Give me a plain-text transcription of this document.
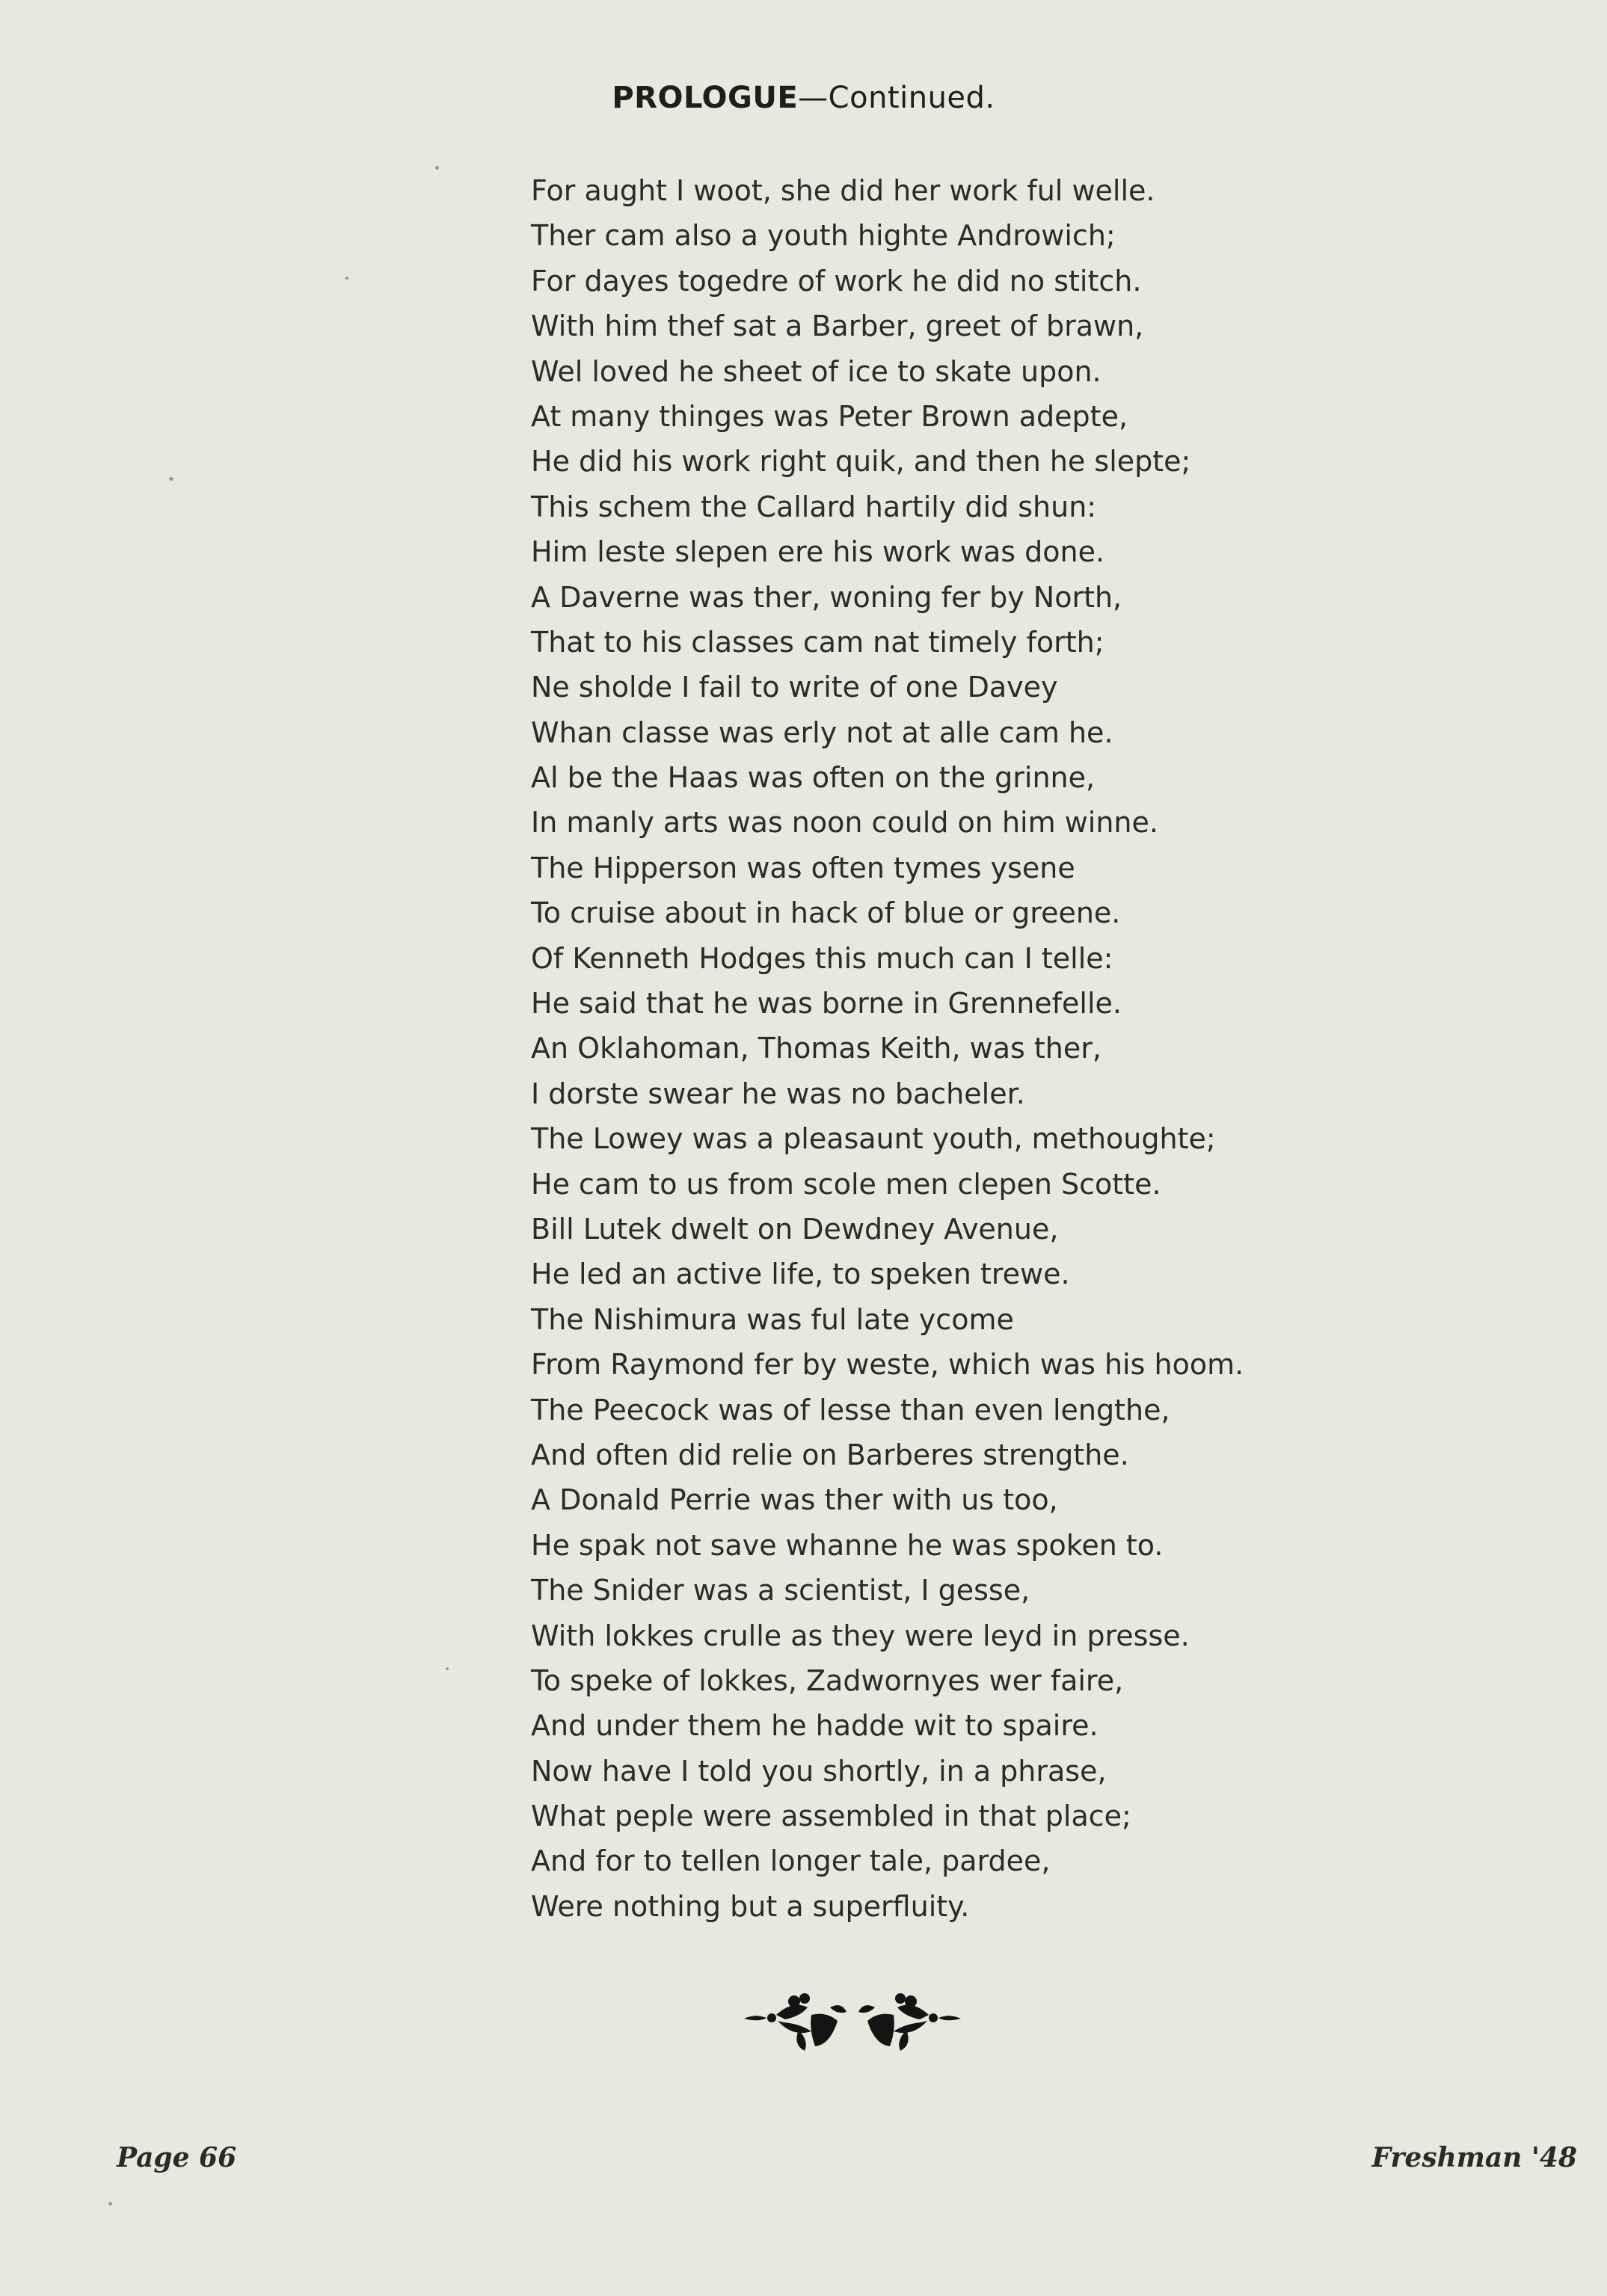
PROLOGUE—Continued.
For aught I woot, she did her work ful welle.
Ther cam also a youth highte Androwich;
For dayes togedre of work he did no stitch.
With him thef sat a Barber, greet of brawn,
Wel loved he sheet of ice to skate upon.
At many thinges was Peter Brown adepte,
He did his work right quik, and then he slepte;
This schem the Callard hartily did shun:
Him leste slepen ere his work was done.
A Daverne was ther, woning fer by North,
That to his classes cam nat timely forth;
Ne sholde I fail to write of one Davey
Whan classe was erly not at alle cam he.
Al be the Haas was often on the grinne,
In manly arts was noon could on him winne.
The Hipperson was often tymes ysene
To cruise about in hack of blue or greene.
Of Kenneth Hodges this much can I telle:
He said that he was borne in Grennefelle.
An Oklahoman, Thomas Keith, was ther,
I dorste swear he was no bacheler.
The Lowey was a pleasaunt youth, methoughte;
He cam to us from scole men clepen Scotte.
Bill Lutek dwelt on Dewdney Avenue,
He led an active life, to speken trewe.
The Nishimura was ful late ycome
From Raymond fer by weste, which was his hoom.
The Peecock was of lesse than even lengthe,
And often did relie on Barberes strengthe.
A Donald Perrie was ther with us too,
He spak not save whanne he was spoken to.
The Snider was a scientist, I gesse,
With lokkes crulle as they were leyd in presse.
To speke of lokkes, Zadwornyes wer faire,
And under them he hadde wit to spaire.
Now have I told you shortly, in a phrase,
What peple were assembled in that place;
And for to tellen longer tale, pardee,
Were nothing but a superfluity.
Page 66	Freshman '48
